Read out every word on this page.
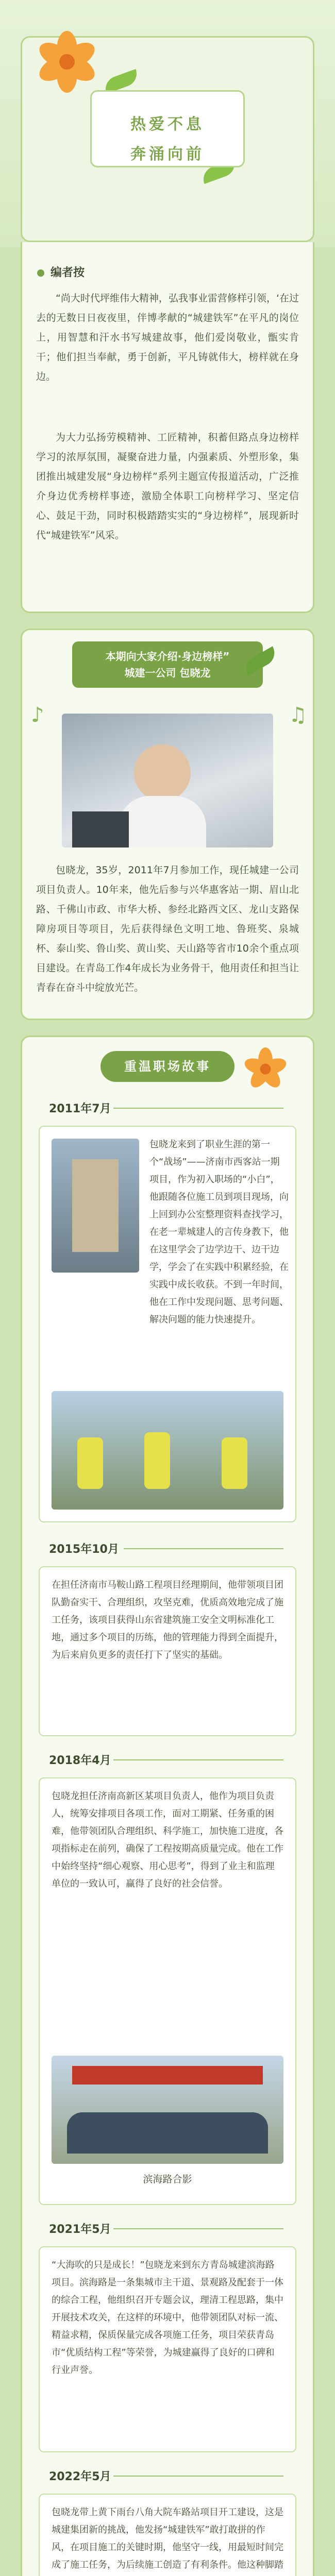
热爱不息
奔涌向前
编者按
“尚大时代坪维伟大精神，弘我事业雷营修样引领，‘在过去的无数日日夜夜里，伴博孝献的“城建铁军”在平凡的岗位上，用智慧和汗水书写城建故事，他们爱岗敬业，甑实肯干；他们担当奉献，勇于创新，平凡铸就伟大，榜样就在身边。
为大力弘扬劳模精神、工匠精神，积蓄但路点身边榜样学习的浓厚氛围，凝聚奋进力量，内强素质、外塑形象，集团推出城建发展“身边榜样”系列主题宣传报道活动，广泛推介身边优秀榜样事迹，激励全体职工向榜样学习、坚定信心、鼓足干劲，同时积极踏踏实实的“身边榜样”，展现新时代“城建铁军”风采。
本期向大家介绍·身边榜样”
城建一公司 包晓龙
♪	♫
包晓龙，35岁，2011年7月参加工作，现任城建一公司项目负责人。10年来，他先后参与兴华惠客站一期、眉山北路、千佛山市政、市华大桥、参经北路西文区、龙山支路保障房项目等项目，先后获得绿色文明工地、鲁班奖、泉城杯、泰山奖、鲁山奖、黄山奖、天山路等省市10余个重点项目建设。在青岛工作4年成长为业务骨干，他用责任和担当让青春在奋斗中绽放光芒。
重温职场故事
2011年7月
包晓龙来到了职业生涯的第一个“战场”——济南市西客站一期项目，作为初入职场的“小白”，他跟随各位施工员到项目现场，向上回到办公室整理资料查找学习，在老一辈城建人的言传身教下，他在这里学会了边学边干、边干边学，学会了在实践中积累经验，在实践中成长收获。不到一年时间，他在工作中发现问题、思考问题、解决问题的能力快速提升。
2015年10月
在担任济南市马鞍山路工程项目经理期间，他带领项目团队勤奋实干、合理组织，攻坚克难，优质高效地完成了施工任务，该项目获得山东省建筑施工安全文明标准化工地，通过多个项目的历练，他的管理能力得到全面提升，为后来肩负更多的责任打下了坚实的基础。
2018年4月
包晓龙担任济南高新区某项目负责人，他作为项目负责人，统筹安排项目各项工作，面对工期紧、任务重的困难，他带领团队合理组织、科学施工，加快施工进度，各项指标走在前列，确保了工程按期高质量完成。他在工作中始终坚持“细心观察、用心思考”，得到了业主和监理单位的一致认可，赢得了良好的社会信誉。
滨海路合影
2021年5月
“大海吹的只是成长！”包晓龙来到东方青岛城建滨海路项目。滨海路是一条集城市主干道、景观路及配套于一体的综合工程，他组织召开专题会议，理清工程思路，集中开展技术攻关，在这样的环境中，他带领团队对标一流、精益求精，保质保量完成各项施工任务，项目荣获青岛市“优质结构工程”等荣誉，为城建赢得了良好的口碑和行业声誉。
2022年5月
包晓龙带上黄下雨台八角大院车路站项目开工建设，这是城建集团新的挑战，他发扬“城建铁军”敢打敢拼的作风，在项目施工的关键时期，他坚守一线，用最短时间完成了施工任务，为后续施工创造了有利条件。他这种脚踏
